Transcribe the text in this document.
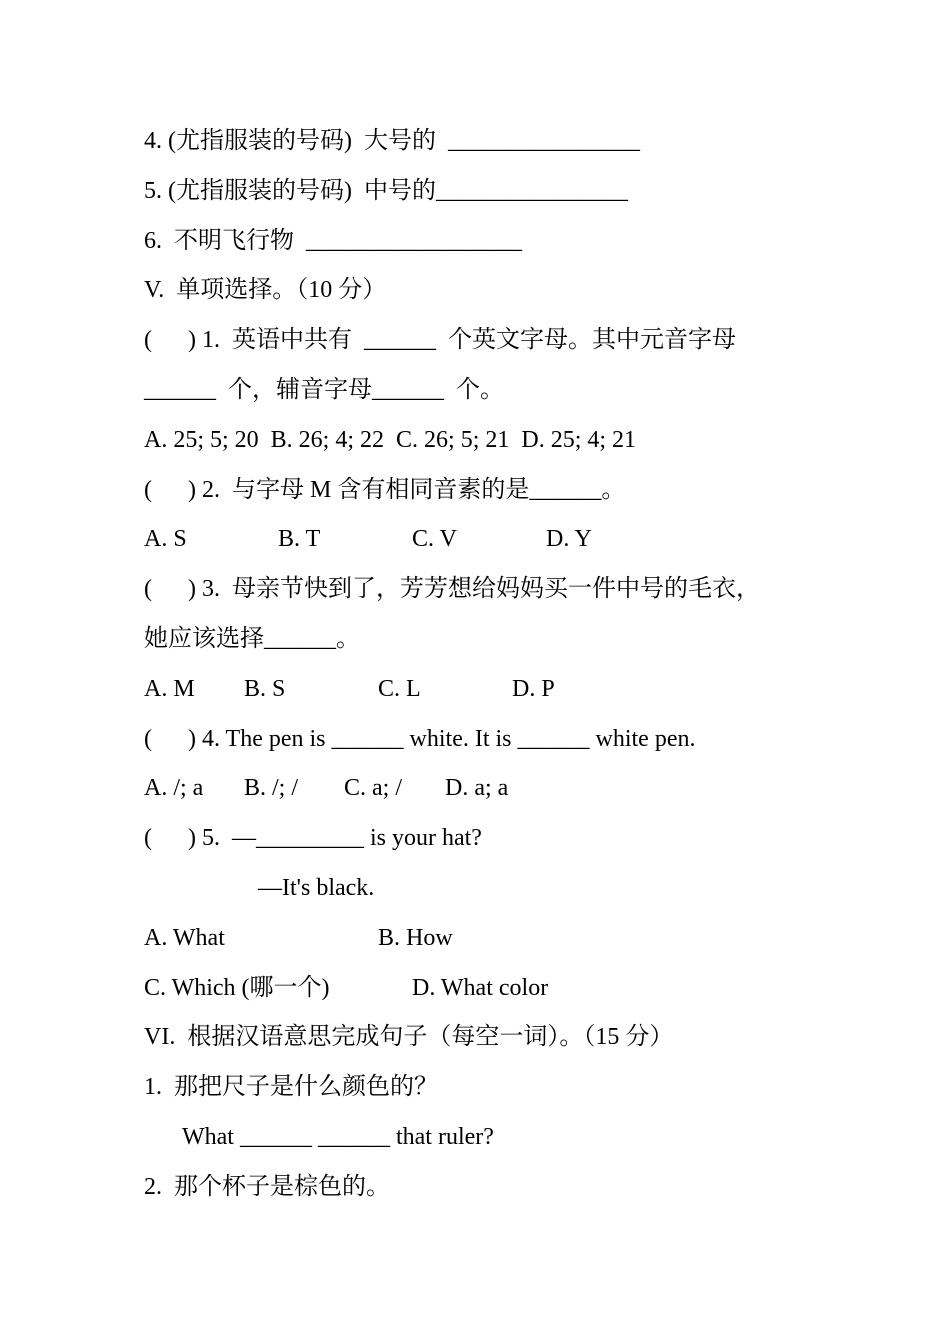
4. (尤指服装的号码)  大号的  ________________
5. (尤指服装的号码)  中号的________________
6.  不明飞行物  __________________
V.  单项选择。（10 分）
(      ) 1.  英语中共有  ______  个英文字母。其中元音字母
______  个，辅音字母______  个。
A. 25; 5; 20  B. 26; 4; 22  C. 26; 5; 21  D. 25; 4; 21
(      ) 2.  与字母 M 含有相同音素的是______。
A. S	B. T	C. V	D. Y
(      ) 3.  母亲节快到了，芳芳想给妈妈买一件中号的毛衣，
她应该选择______。
A. M B. S	C. L	D. P
(      ) 4. The pen is ______ white. It is ______ white pen.
A. /; a B. /; / C. a; / D. a; a
(      ) 5.  —_________ is your hat?
—It's black.
A. What	B. How
C. Which (哪一个)	D. What color
VI.  根据汉语意思完成句子（每空一词）。（15 分）
1.  那把尺子是什么颜色的？
What ______ ______ that ruler?
2.  那个杯子是棕色的。
